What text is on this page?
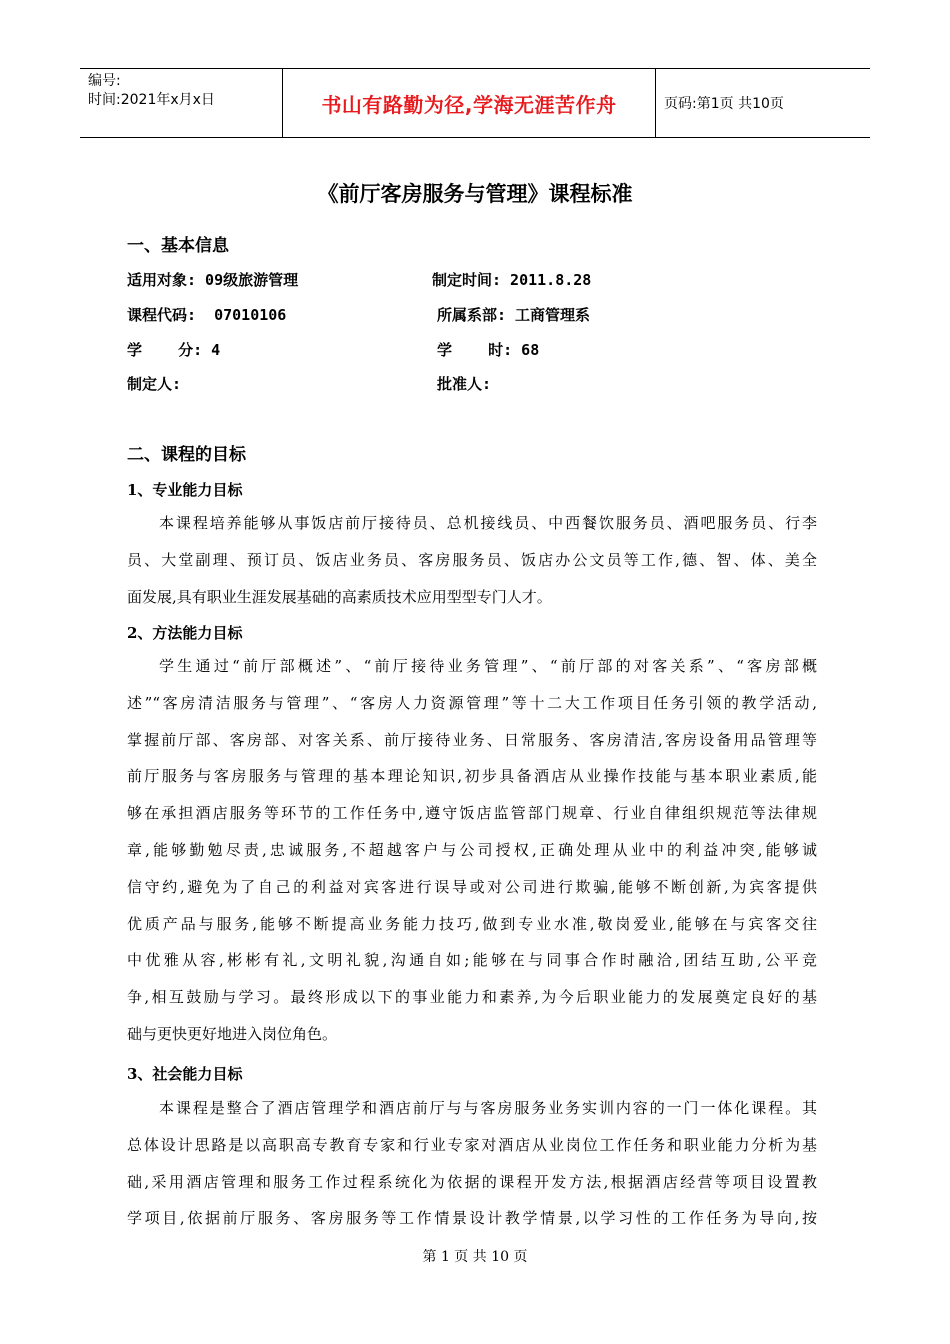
编号:
时间:2021年x月x日	书山有路勤为径,学海无涯苦作舟	页码:第1页 共10页
《前厅客房服务与管理》课程标准
一、基本信息
适用对象: 09级旅游管理	制定时间: 2011.8.28
课程代码:  07010106	所属系部: 工商管理系
学    分: 4	学    时: 68
制定人:	批准人:
二、课程的目标
1、专业能力目标
本课程培养能够从事饭店前厅接待员、总机接线员、中西餐饮服务员、酒吧服务员、行李
员、大堂副理、预订员、饭店业务员、客房服务员、饭店办公文员等工作,德、智、体、美全
面发展,具有职业生涯发展基础的高素质技术应用型型专门人才。
2、方法能力目标
学生通过“前厅部概述”、“前厅接待业务管理”、“前厅部的对客关系”、“客房部概
述”“客房清洁服务与管理”、“客房人力资源管理”等十二大工作项目任务引领的教学活动,
掌握前厅部、客房部、对客关系、前厅接待业务、日常服务、客房清洁,客房设备用品管理等
前厅服务与客房服务与管理的基本理论知识,初步具备酒店从业操作技能与基本职业素质,能
够在承担酒店服务等环节的工作任务中,遵守饭店监管部门规章、行业自律组织规范等法律规
章,能够勤勉尽责,忠诚服务,不超越客户与公司授权,正确处理从业中的利益冲突,能够诚
信守约,避免为了自己的利益对宾客进行误导或对公司进行欺骗,能够不断创新,为宾客提供
优质产品与服务,能够不断提高业务能力技巧,做到专业水准,敬岗爱业,能够在与宾客交往
中优雅从容,彬彬有礼,文明礼貌,沟通自如;能够在与同事合作时融洽,团结互助,公平竞
争,相互鼓励与学习。最终形成以下的事业能力和素养,为今后职业能力的发展奠定良好的基
础与更快更好地进入岗位角色。
3、社会能力目标
本课程是整合了酒店管理学和酒店前厅与与客房服务业务实训内容的一门一体化课程。其
总体设计思路是以高职高专教育专家和行业专家对酒店从业岗位工作任务和职业能力分析为基
础,采用酒店管理和服务工作过程系统化为依据的课程开发方法,根据酒店经营等项目设置教
学项目,依据前厅服务、客房服务等工作情景设计教学情景,以学习性的工作任务为导向,按
第 1 页 共 10 页
